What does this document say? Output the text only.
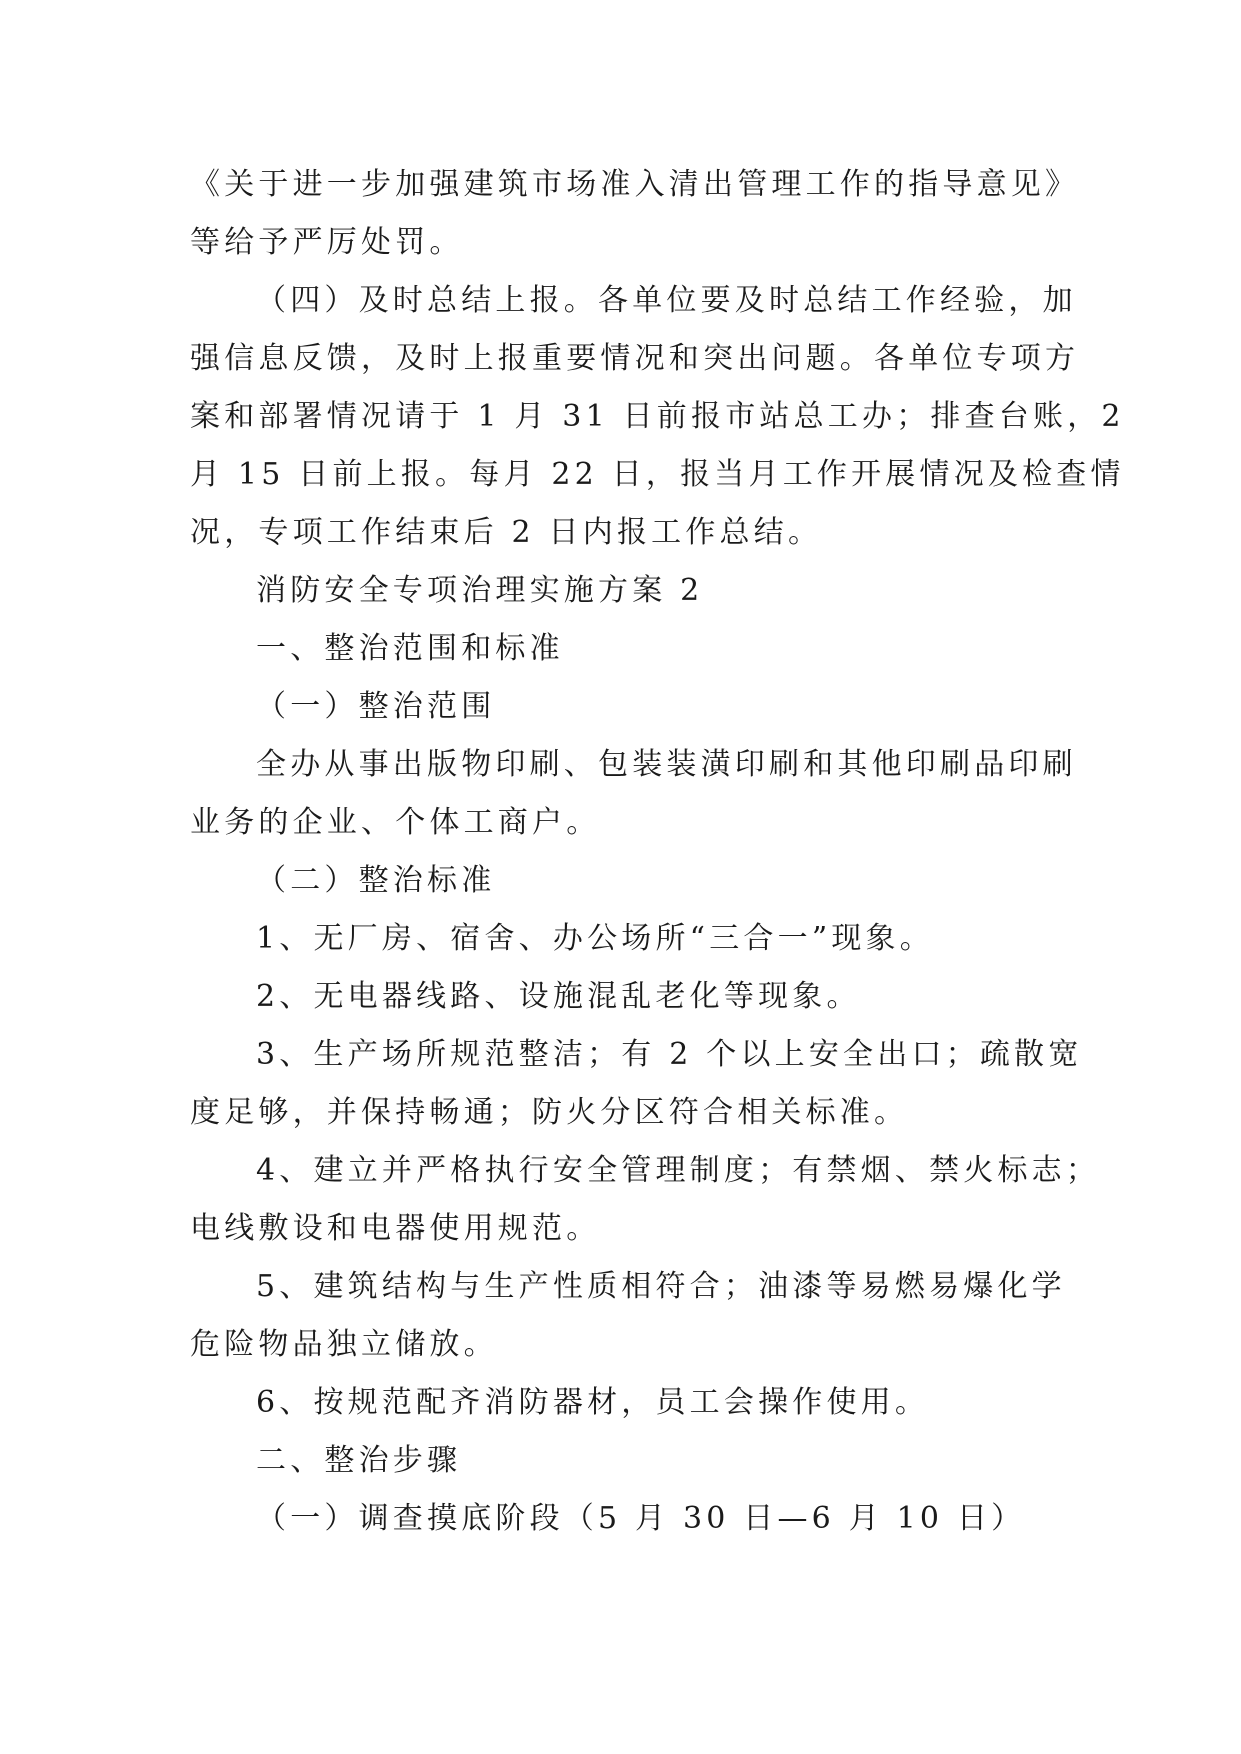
《关于进一步加强建筑市场准入清出管理工作的指导意见》
等给予严厉处罚。
（四）及时总结上报。各单位要及时总结工作经验，加
强信息反馈，及时上报重要情况和突出问题。各单位专项方
案和部署情况请于 1 月 31 日前报市站总工办；排查台账，2
月 15 日前上报。每月 22 日，报当月工作开展情况及检查情
况，专项工作结束后 2 日内报工作总结。
消防安全专项治理实施方案 2
一、整治范围和标准
（一）整治范围
全办从事出版物印刷、包装装潢印刷和其他印刷品印刷
业务的企业、个体工商户。
（二）整治标准
1、无厂房、宿舍、办公场所“三合一”现象。
2、无电器线路、设施混乱老化等现象。
3、生产场所规范整洁；有 2 个以上安全出口；疏散宽
度足够，并保持畅通；防火分区符合相关标准。
4、建立并严格执行安全管理制度；有禁烟、禁火标志；
电线敷设和电器使用规范。
5、建筑结构与生产性质相符合；油漆等易燃易爆化学
危险物品独立储放。
6、按规范配齐消防器材，员工会操作使用。
二、整治步骤
（一）调查摸底阶段（5 月 30 日—6 月 10 日）
